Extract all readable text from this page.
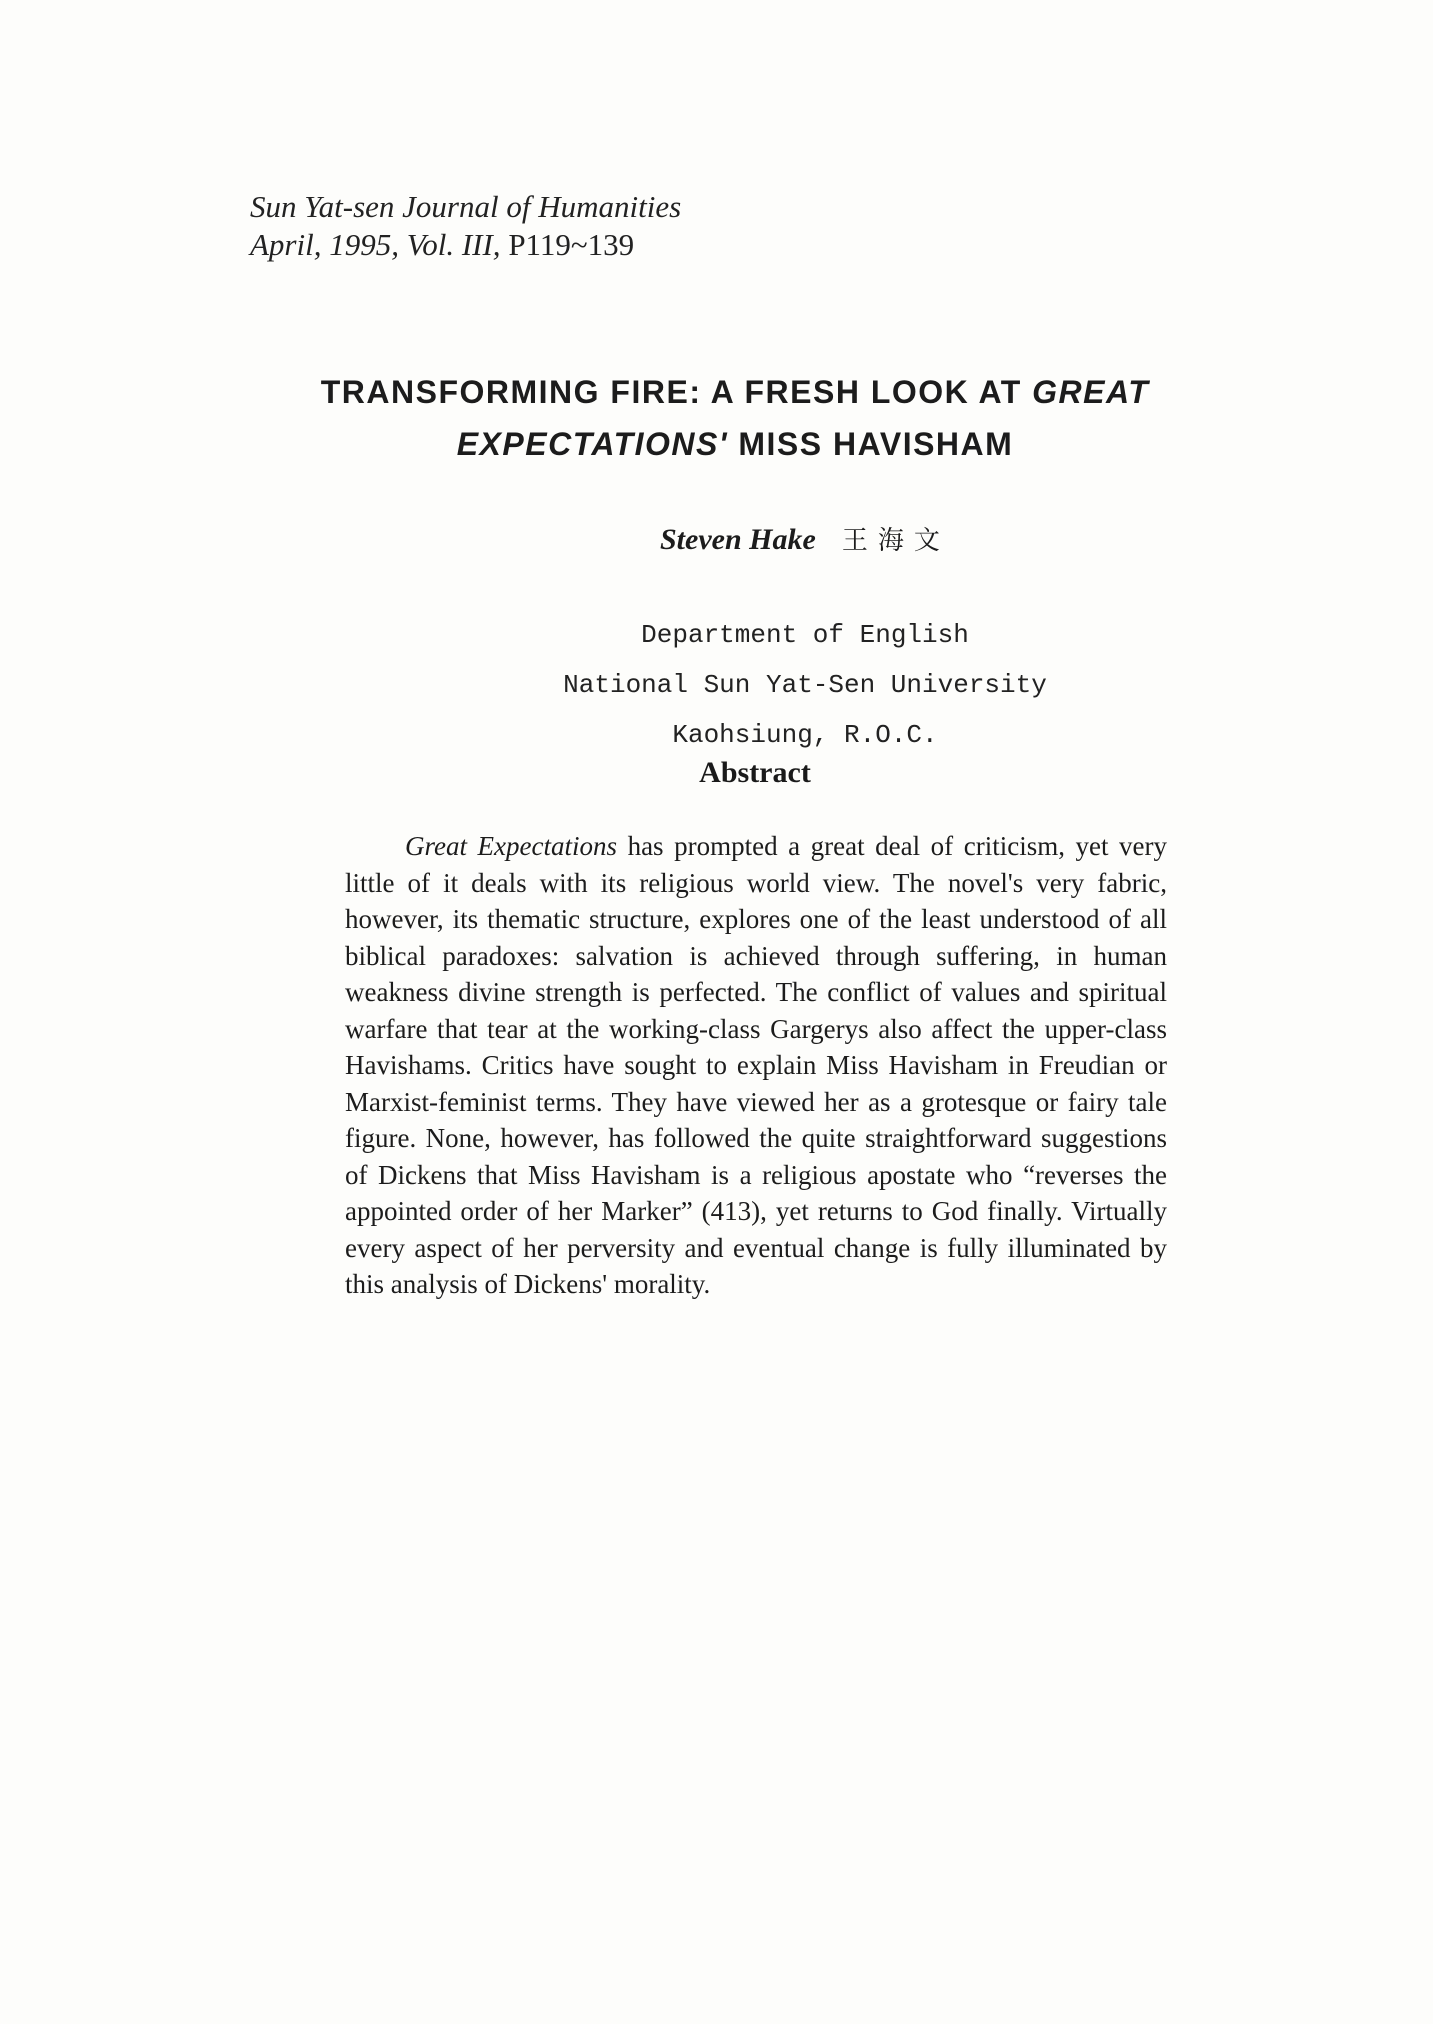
Sun Yat-sen Journal of Humanities
April, 1995, Vol. III, P119~139
TRANSFORMING FIRE: A FRESH LOOK AT GREAT
EXPECTATIONS' MISS HAVISHAM
Steven Hake 王海文
Department of English
National Sun Yat-Sen University
Kaohsiung, R.O.C.
Abstract
Great Expectations has prompted a great deal of criticism, yet very little of it deals with its religious world view. The novel's very fabric, however, its thematic structure, explores one of the least understood of all biblical paradoxes: salvation is achieved through suffering, in human weakness divine strength is perfected. The conflict of values and spiritual warfare that tear at the working-class Gargerys also affect the upper-class Havishams. Critics have sought to explain Miss Havisham in Freudian or Marxist-feminist terms. They have viewed her as a grotesque or fairy tale figure. None, however, has followed the quite straightforward suggestions of Dickens that Miss Havisham is a religious apostate who “reverses the appointed order of her Marker” (413), yet returns to God finally. Virtually every aspect of her perversity and eventual change is fully illuminated by this analysis of Dickens' morality.
